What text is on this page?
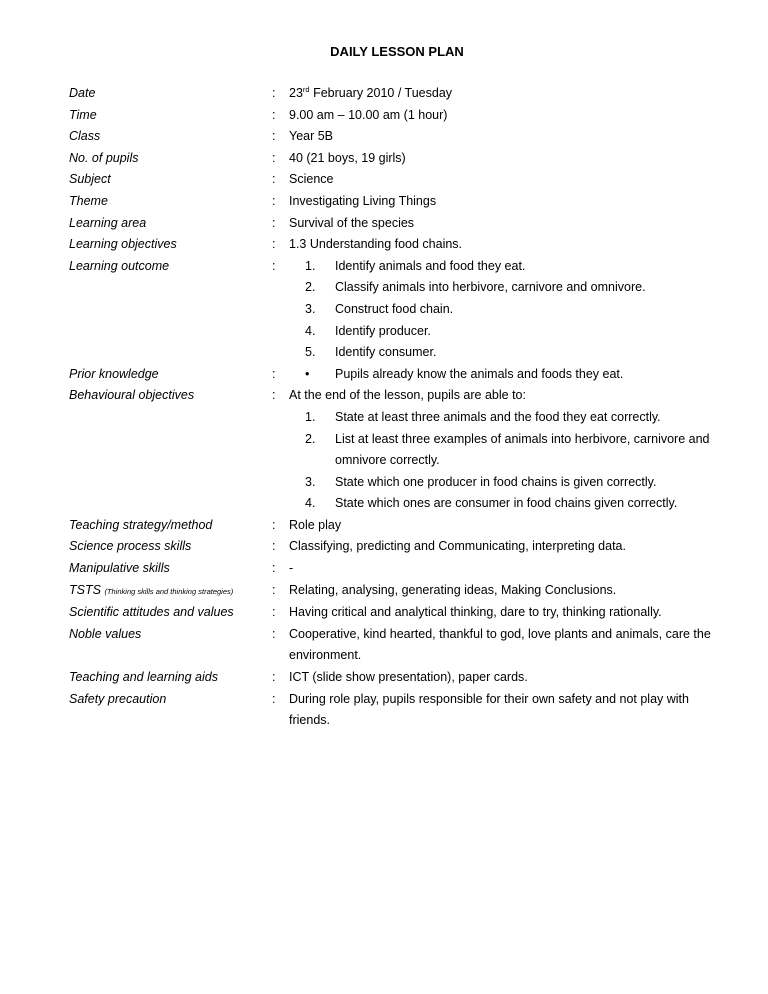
DAILY LESSON PLAN
Date	:	23rd February 2010 / Tuesday
Time	:	9.00 am – 10.00 am (1 hour)
Class	:	Year 5B
No. of pupils	:	40 (21 boys, 19 girls)
Subject	:	Science
Theme	:	Investigating Living Things
Learning area	:	Survival of the species
Learning objectives	:	1.3 Understanding food chains.
Learning outcome	:	1.	Identify animals and food they eat.
2.	Classify animals into herbivore, carnivore and omnivore.
3.	Construct food chain.
4.	Identify producer.
5.	Identify consumer.
Prior knowledge	:	•	Pupils already know the animals and foods they eat.
Behavioural objectives	:	At the end of the lesson, pupils are able to:
1.	State at least three animals and the food they eat correctly.
2.	List at least three examples of animals into herbivore, carnivore and omnivore correctly.
3.	State which one producer in food chains is given correctly.
4.	State which ones are consumer in food chains given correctly.
Teaching strategy/method	:	Role play
Science process skills	:	Classifying, predicting and Communicating, interpreting data.
Manipulative skills	:	-
TSTS (Thinking skills and thinking strategies)	:	Relating, analysing, generating ideas, Making Conclusions.
Scientific attitudes and values	:	Having critical and analytical thinking, dare to try, thinking rationally.
Noble values	:	Cooperative, kind hearted, thankful to god, love plants and animals, care the environment.
Teaching and learning aids	:	ICT (slide show presentation), paper cards.
Safety precaution	:	During role play, pupils responsible for their own safety and not play with friends.
